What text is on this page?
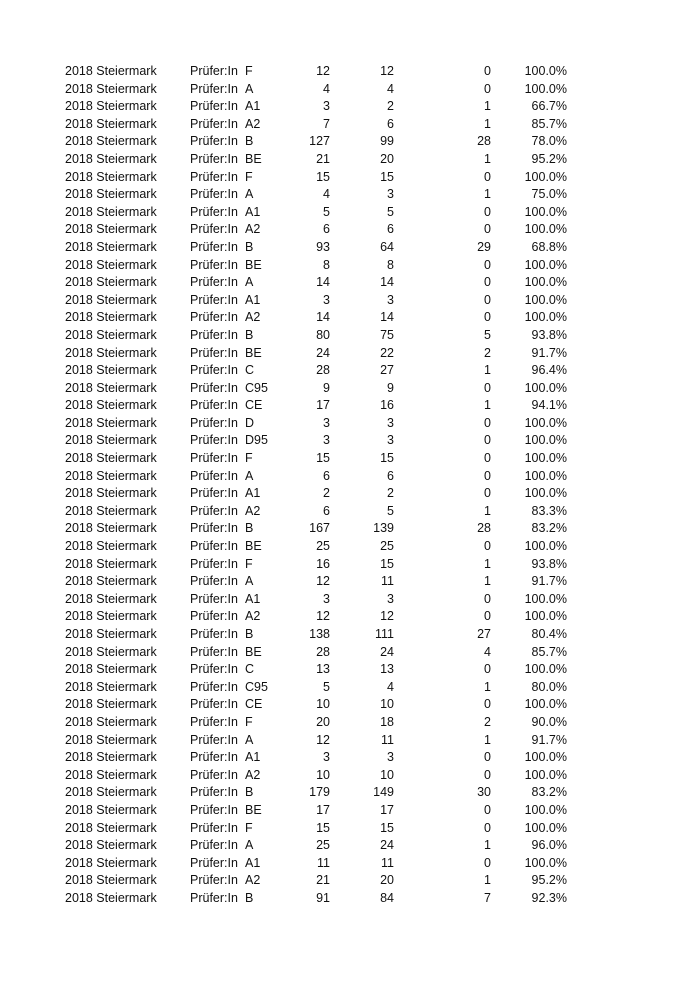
2018 Steiermark	Prüfer:In F	12	12	0	100.0%
2018 Steiermark	Prüfer:In A	4	4	0	100.0%
2018 Steiermark	Prüfer:In A1	3	2	1	66.7%
2018 Steiermark	Prüfer:In A2	7	6	1	85.7%
2018 Steiermark	Prüfer:In B	127	99	28	78.0%
2018 Steiermark	Prüfer:In BE	21	20	1	95.2%
2018 Steiermark	Prüfer:In F	15	15	0	100.0%
2018 Steiermark	Prüfer:In A	4	3	1	75.0%
2018 Steiermark	Prüfer:In A1	5	5	0	100.0%
2018 Steiermark	Prüfer:In A2	6	6	0	100.0%
2018 Steiermark	Prüfer:In B	93	64	29	68.8%
2018 Steiermark	Prüfer:In BE	8	8	0	100.0%
2018 Steiermark	Prüfer:In A	14	14	0	100.0%
2018 Steiermark	Prüfer:In A1	3	3	0	100.0%
2018 Steiermark	Prüfer:In A2	14	14	0	100.0%
2018 Steiermark	Prüfer:In B	80	75	5	93.8%
2018 Steiermark	Prüfer:In BE	24	22	2	91.7%
2018 Steiermark	Prüfer:In C	28	27	1	96.4%
2018 Steiermark	Prüfer:In C95	9	9	0	100.0%
2018 Steiermark	Prüfer:In CE	17	16	1	94.1%
2018 Steiermark	Prüfer:In D	3	3	0	100.0%
2018 Steiermark	Prüfer:In D95	3	3	0	100.0%
2018 Steiermark	Prüfer:In F	15	15	0	100.0%
2018 Steiermark	Prüfer:In A	6	6	0	100.0%
2018 Steiermark	Prüfer:In A1	2	2	0	100.0%
2018 Steiermark	Prüfer:In A2	6	5	1	83.3%
2018 Steiermark	Prüfer:In B	167	139	28	83.2%
2018 Steiermark	Prüfer:In BE	25	25	0	100.0%
2018 Steiermark	Prüfer:In F	16	15	1	93.8%
2018 Steiermark	Prüfer:In A	12	11	1	91.7%
2018 Steiermark	Prüfer:In A1	3	3	0	100.0%
2018 Steiermark	Prüfer:In A2	12	12	0	100.0%
2018 Steiermark	Prüfer:In B	138	111	27	80.4%
2018 Steiermark	Prüfer:In BE	28	24	4	85.7%
2018 Steiermark	Prüfer:In C	13	13	0	100.0%
2018 Steiermark	Prüfer:In C95	5	4	1	80.0%
2018 Steiermark	Prüfer:In CE	10	10	0	100.0%
2018 Steiermark	Prüfer:In F	20	18	2	90.0%
2018 Steiermark	Prüfer:In A	12	11	1	91.7%
2018 Steiermark	Prüfer:In A1	3	3	0	100.0%
2018 Steiermark	Prüfer:In A2	10	10	0	100.0%
2018 Steiermark	Prüfer:In B	179	149	30	83.2%
2018 Steiermark	Prüfer:In BE	17	17	0	100.0%
2018 Steiermark	Prüfer:In F	15	15	0	100.0%
2018 Steiermark	Prüfer:In A	25	24	1	96.0%
2018 Steiermark	Prüfer:In A1	11	11	0	100.0%
2018 Steiermark	Prüfer:In A2	21	20	1	95.2%
2018 Steiermark	Prüfer:In B	91	84	7	92.3%
